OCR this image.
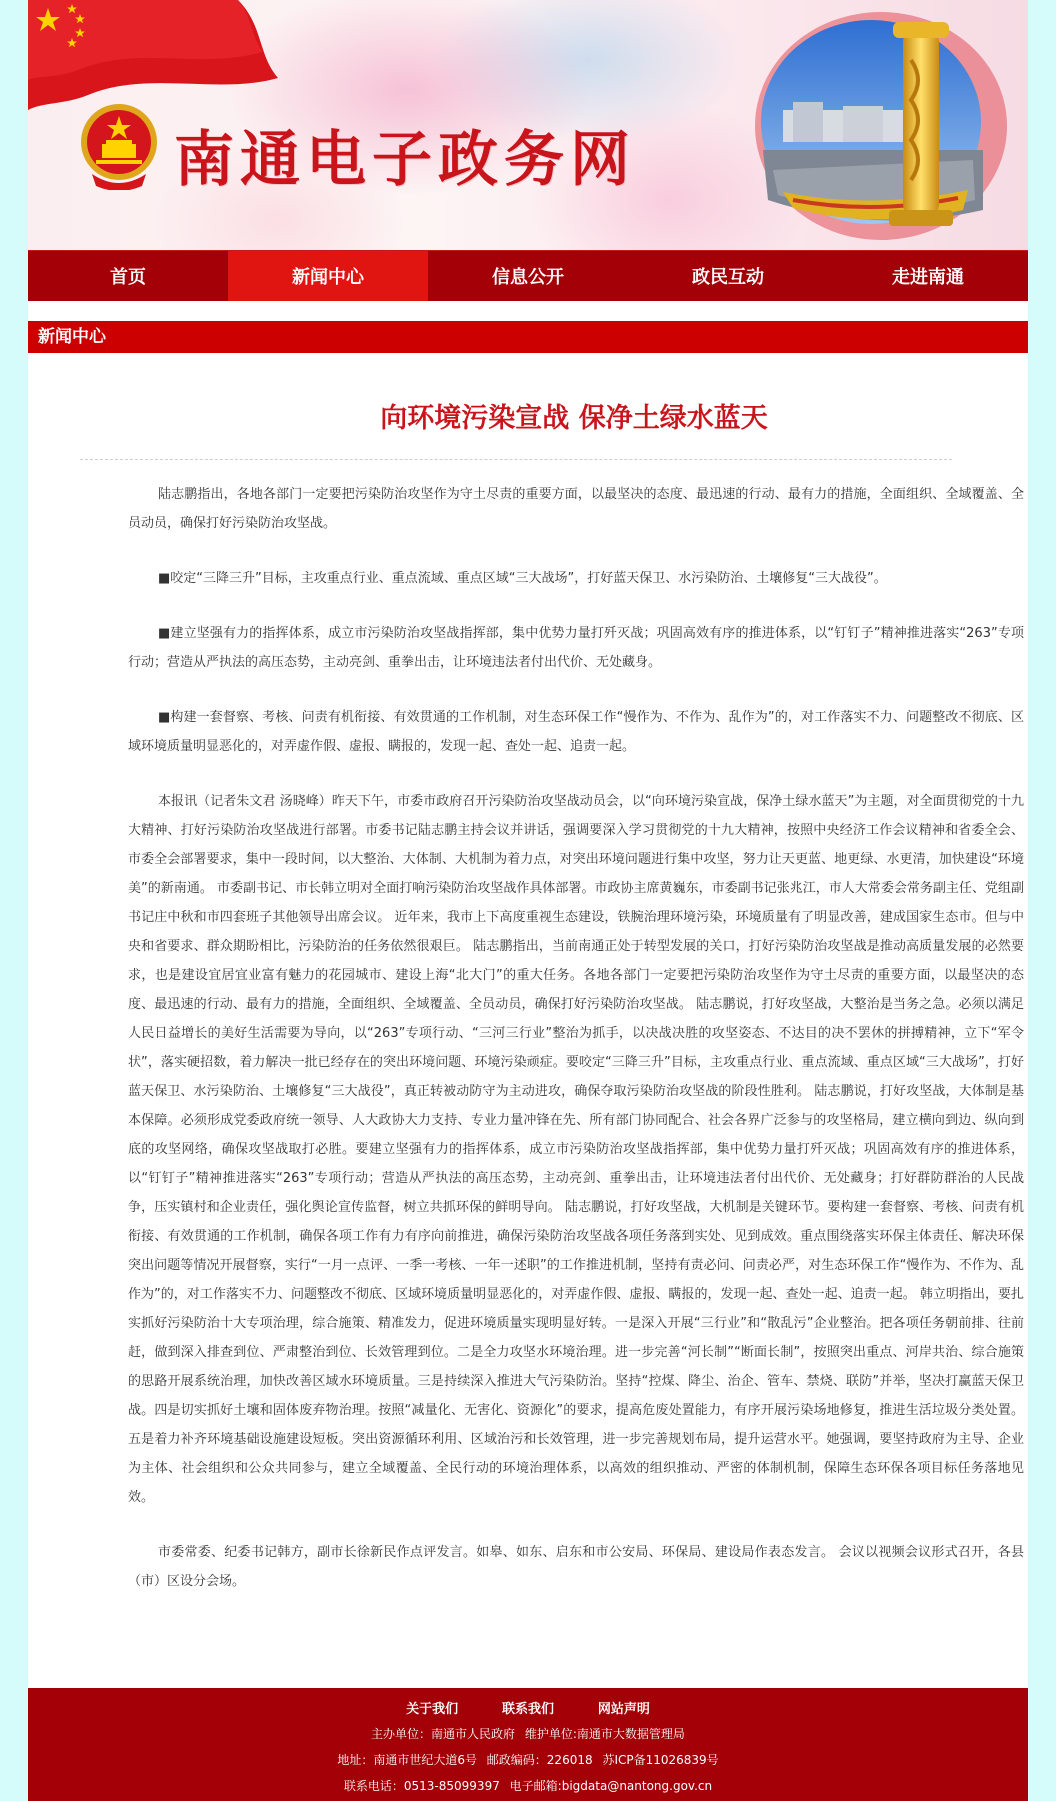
南通电子政务网
首页	新闻中心	信息公开	政民互动	走进南通
新闻中心
向环境污染宣战 保净土绿水蓝天

陆志鹏指出，各地各部门一定要把污染防治攻坚作为守土尽责的重要方面，以最坚决的态度、最迅速的行动、最有力的措施，全面组织、全域覆盖、全员动员，确保打好污染防治攻坚战。

■咬定“三降三升”目标，主攻重点行业、重点流域、重点区域“三大战场”，打好蓝天保卫、水污染防治、土壤修复“三大战役”。

■建立坚强有力的指挥体系，成立市污染防治攻坚战指挥部，集中优势力量打歼灭战；巩固高效有序的推进体系，以“钉钉子”精神推进落实“263”专项行动；营造从严执法的高压态势，主动亮剑、重拳出击，让环境违法者付出代价、无处藏身。

■构建一套督察、考核、问责有机衔接、有效贯通的工作机制，对生态环保工作“慢作为、不作为、乱作为”的，对工作落实不力、问题整改不彻底、区域环境质量明显恶化的，对弄虚作假、虚报、瞒报的，发现一起、查处一起、追责一起。

本报讯（记者朱文君 汤晓峰）昨天下午，市委市政府召开污染防治攻坚战动员会，以“向环境污染宣战，保净土绿水蓝天”为主题，对全面贯彻党的十九大精神、打好污染防治攻坚战进行部署。市委书记陆志鹏主持会议并讲话，强调要深入学习贯彻党的十九大精神，按照中央经济工作会议精神和省委全会、市委全会部署要求，集中一段时间，以大整治、大体制、大机制为着力点，对突出环境问题进行集中攻坚，努力让天更蓝、地更绿、水更清，加快建设“环境美”的新南通。 市委副书记、市长韩立明对全面打响污染防治攻坚战作具体部署。市政协主席黄巍东，市委副书记张兆江，市人大常委会常务副主任、党组副书记庄中秋和市四套班子其他领导出席会议。 近年来，我市上下高度重视生态建设，铁腕治理环境污染，环境质量有了明显改善，建成国家生态市。但与中央和省要求、群众期盼相比，污染防治的任务依然很艰巨。 陆志鹏指出，当前南通正处于转型发展的关口，打好污染防治攻坚战是推动高质量发展的必然要求，也是建设宜居宜业富有魅力的花园城市、建设上海“北大门”的重大任务。各地各部门一定要把污染防治攻坚作为守土尽责的重要方面，以最坚决的态度、最迅速的行动、最有力的措施，全面组织、全域覆盖、全员动员，确保打好污染防治攻坚战。 陆志鹏说，打好攻坚战，大整治是当务之急。必须以满足人民日益增长的美好生活需要为导向，以“263”专项行动、“三河三行业”整治为抓手，以决战决胜的攻坚姿态、不达目的决不罢休的拼搏精神，立下“军令状”，落实硬招数，着力解决一批已经存在的突出环境问题、环境污染顽症。要咬定“三降三升”目标，主攻重点行业、重点流域、重点区域“三大战场”，打好蓝天保卫、水污染防治、土壤修复“三大战役”，真正转被动防守为主动进攻，确保夺取污染防治攻坚战的阶段性胜利。 陆志鹏说，打好攻坚战，大体制是基本保障。必须形成党委政府统一领导、人大政协大力支持、专业力量冲锋在先、所有部门协同配合、社会各界广泛参与的攻坚格局，建立横向到边、纵向到底的攻坚网络，确保攻坚战取打必胜。要建立坚强有力的指挥体系，成立市污染防治攻坚战指挥部，集中优势力量打歼灭战；巩固高效有序的推进体系，以“钉钉子”精神推进落实“263”专项行动；营造从严执法的高压态势，主动亮剑、重拳出击，让环境违法者付出代价、无处藏身；打好群防群治的人民战争，压实镇村和企业责任，强化舆论宣传监督，树立共抓环保的鲜明导向。 陆志鹏说，打好攻坚战，大机制是关键环节。要构建一套督察、考核、问责有机衔接、有效贯通的工作机制，确保各项工作有力有序向前推进，确保污染防治攻坚战各项任务落到实处、见到成效。重点围绕落实环保主体责任、解决环保突出问题等情况开展督察，实行“一月一点评、一季一考核、一年一述职”的工作推进机制，坚持有责必问、问责必严，对生态环保工作“慢作为、不作为、乱作为”的，对工作落实不力、问题整改不彻底、区域环境质量明显恶化的，对弄虚作假、虚报、瞒报的，发现一起、查处一起、追责一起。 韩立明指出，要扎实抓好污染防治十大专项治理，综合施策、精准发力，促进环境质量实现明显好转。一是深入开展“三行业”和“散乱污”企业整治。把各项任务朝前排、往前赶，做到深入排查到位、严肃整治到位、长效管理到位。二是全力攻坚水环境治理。进一步完善“河长制”“断面长制”，按照突出重点、河岸共治、综合施策的思路开展系统治理，加快改善区域水环境质量。三是持续深入推进大气污染防治。坚持“控煤、降尘、治企、管车、禁烧、联防”并举，坚决打赢蓝天保卫战。四是切实抓好土壤和固体废弃物治理。按照“减量化、无害化、资源化”的要求，提高危废处置能力，有序开展污染场地修复，推进生活垃圾分类处置。五是着力补齐环境基础设施建设短板。突出资源循环利用、区域治污和长效管理，进一步完善规划布局，提升运营水平。她强调，要坚持政府为主导、企业为主体、社会组织和公众共同参与，建立全域覆盖、全民行动的环境治理体系，以高效的组织推动、严密的体制机制，保障生态环保各项目标任务落地见效。

市委常委、纪委书记韩方，副市长徐新民作点评发言。如皋、如东、启东和市公安局、环保局、建设局作表态发言。 会议以视频会议形式召开，各县（市）区设分会场。

关于我们	联系我们	网站声明
主办单位：南通市人民政府 维护单位:南通市大数据管理局
地址：南通市世纪大道6号 邮政编码：226018 苏ICP备11026839号
联系电话：0513-85099397 电子邮箱:bigdata@nantong.gov.cn
